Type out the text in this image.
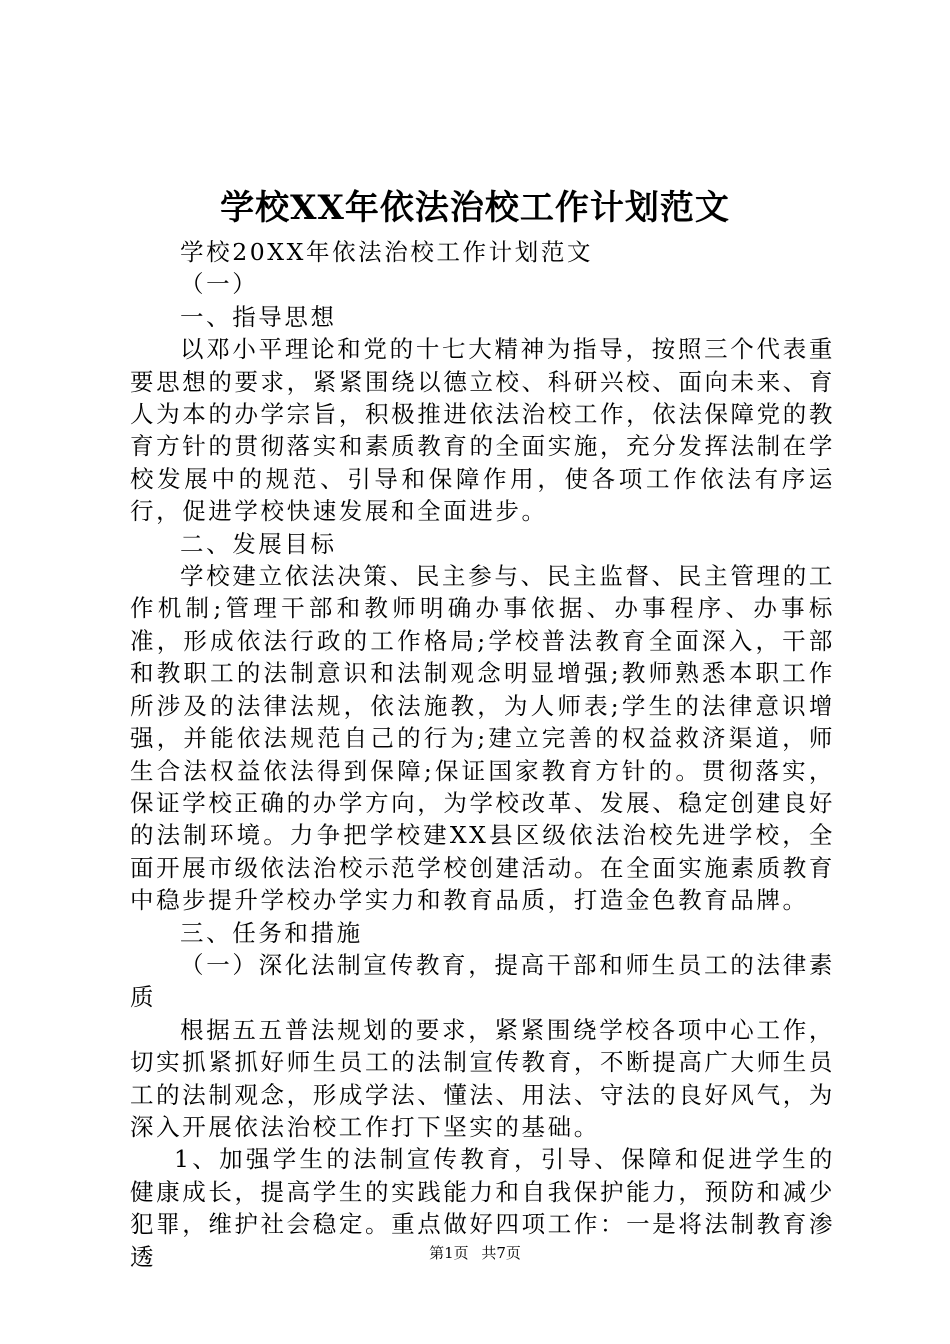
学校XX年依法治校工作计划范文

学校20XX年依法治校工作计划范文

（一）

一、指导思想

以邓小平理论和党的十七大精神为指导，按照三个代表重要思想的要求，紧紧围绕以德立校、科研兴校、面向未来、育人为本的办学宗旨，积极推进依法治校工作，依法保障党的教育方针的贯彻落实和素质教育的全面实施，充分发挥法制在学校发展中的规范、引导和保障作用，使各项工作依法有序运行，促进学校快速发展和全面进步。

二、发展目标

学校建立依法决策、民主参与、民主监督、民主管理的工作机制;管理干部和教师明确办事依据、办事程序、办事标准，形成依法行政的工作格局;学校普法教育全面深入，干部和教职工的法制意识和法制观念明显增强;教师熟悉本职工作所涉及的法律法规，依法施教，为人师表;学生的法律意识增强，并能依法规范自己的行为;建立完善的权益救济渠道，师生合法权益依法得到保障;保证国家教育方针的。贯彻落实，保证学校正确的办学方向，为学校改革、发展、稳定创建良好的法制环境。力争把学校建XX县区级依法治校先进学校，全面开展市级依法治校示范学校创建活动。在全面实施素质教育中稳步提升学校办学实力和教育品质，打造金色教育品牌。

三、任务和措施

（一）深化法制宣传教育，提高干部和师生员工的法律素质

根据五五普法规划的要求，紧紧围绕学校各项中心工作，切实抓紧抓好师生员工的法制宣传教育，不断提高广大师生员工的法制观念，形成学法、懂法、用法、守法的良好风气，为深入开展依法治校工作打下坚实的基础。

1、加强学生的法制宣传教育，引导、保障和促进学生的健康成长，提高学生的实践能力和自我保护能力，预防和减少犯罪，维护社会稳定。重点做好四项工作：一是将法制教育渗透	第1页 共7页
